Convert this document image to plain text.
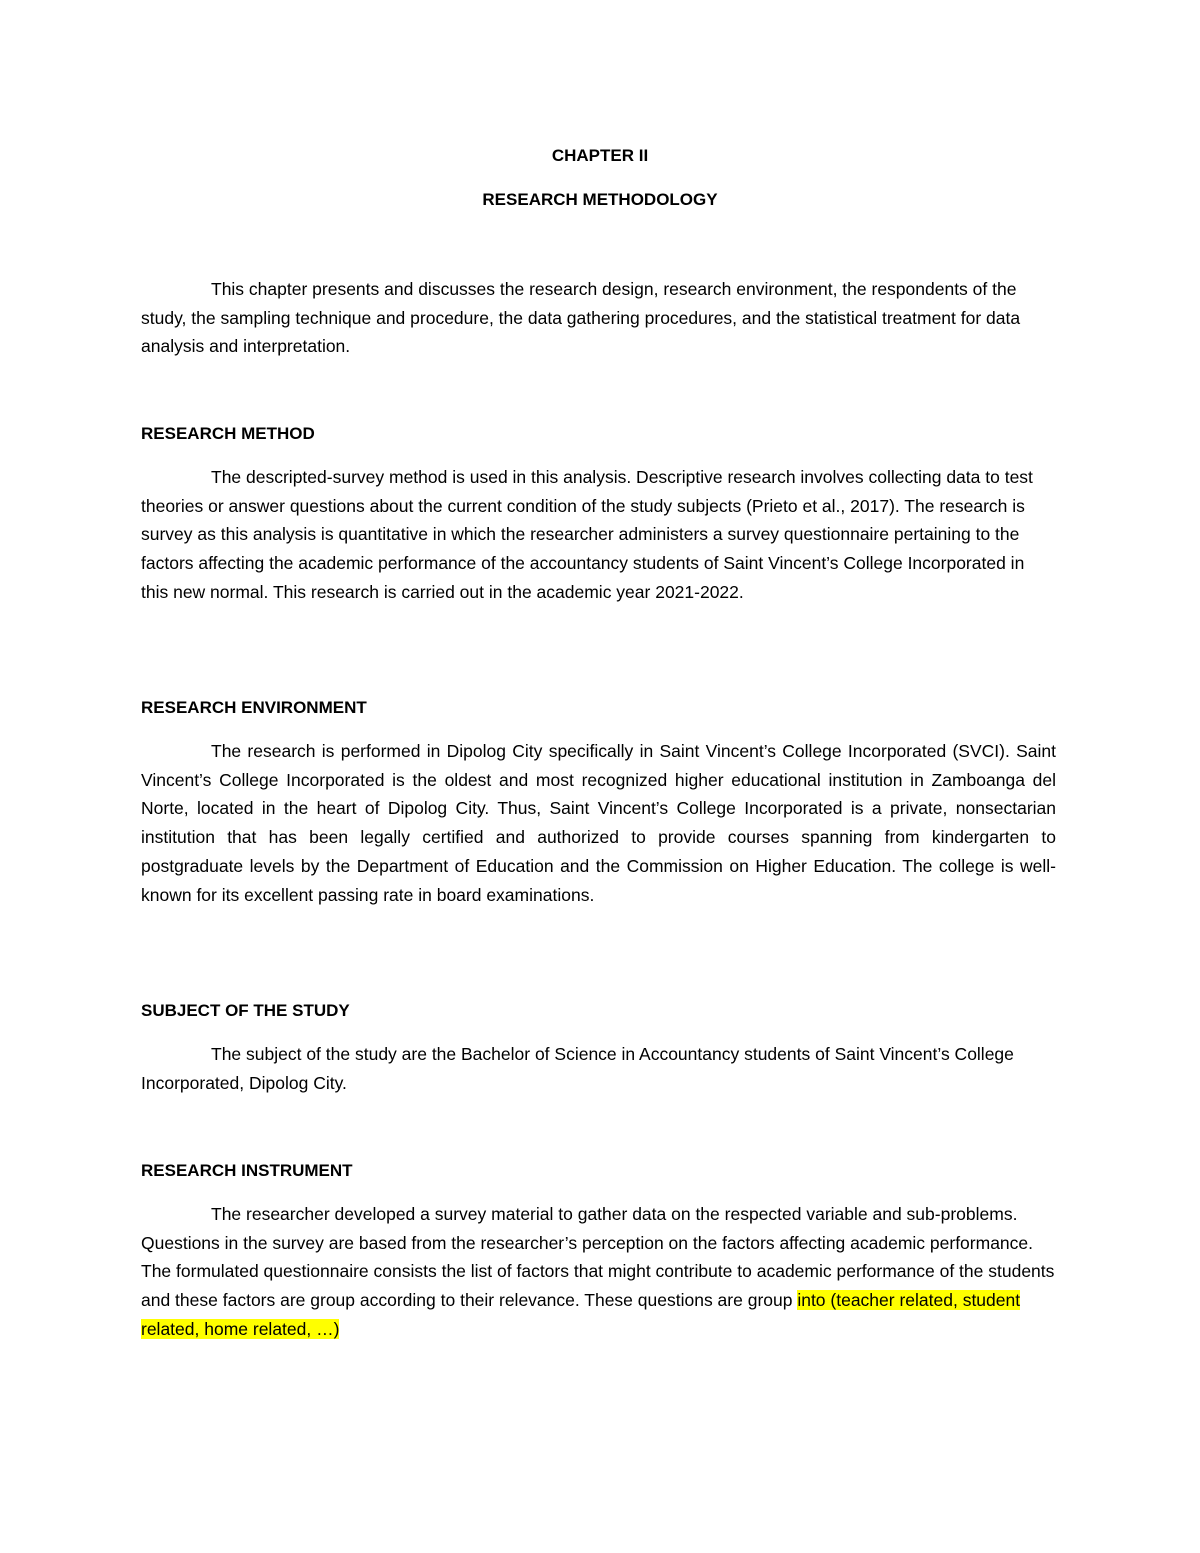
CHAPTER II
RESEARCH METHODOLOGY

This chapter presents and discusses the research design, research environment, the respondents of the study, the sampling technique and procedure, the data gathering procedures, and the statistical treatment for data analysis and interpretation.

RESEARCH METHOD

The descripted-survey method is used in this analysis. Descriptive research involves collecting data to test theories or answer questions about the current condition of the study subjects (Prieto et al., 2017). The research is survey as this analysis is quantitative in which the researcher administers a survey questionnaire pertaining to the factors affecting the academic performance of the accountancy students of Saint Vincent’s College Incorporated in this new normal. This research is carried out in the academic year 2021-2022.

RESEARCH ENVIRONMENT

The research is performed in Dipolog City specifically in Saint Vincent’s College Incorporated (SVCI). Saint Vincent’s College Incorporated is the oldest and most recognized higher educational institution in Zamboanga del Norte, located in the heart of Dipolog City. Thus, Saint Vincent’s College Incorporated is a private, nonsectarian institution that has been legally certified and authorized to provide courses spanning from kindergarten to postgraduate levels by the Department of Education and the Commission on Higher Education. The college is well-known for its excellent passing rate in board examinations.

SUBJECT OF THE STUDY

The subject of the study are the Bachelor of Science in Accountancy students of Saint Vincent’s College Incorporated, Dipolog City.

RESEARCH INSTRUMENT

The researcher developed a survey material to gather data on the respected variable and sub-problems. Questions in the survey are based from the researcher’s perception on the factors affecting academic performance. The formulated questionnaire consists the list of factors that might contribute to academic performance of the students and these factors are group according to their relevance. These questions are group into (teacher related, student related, home related, …)
